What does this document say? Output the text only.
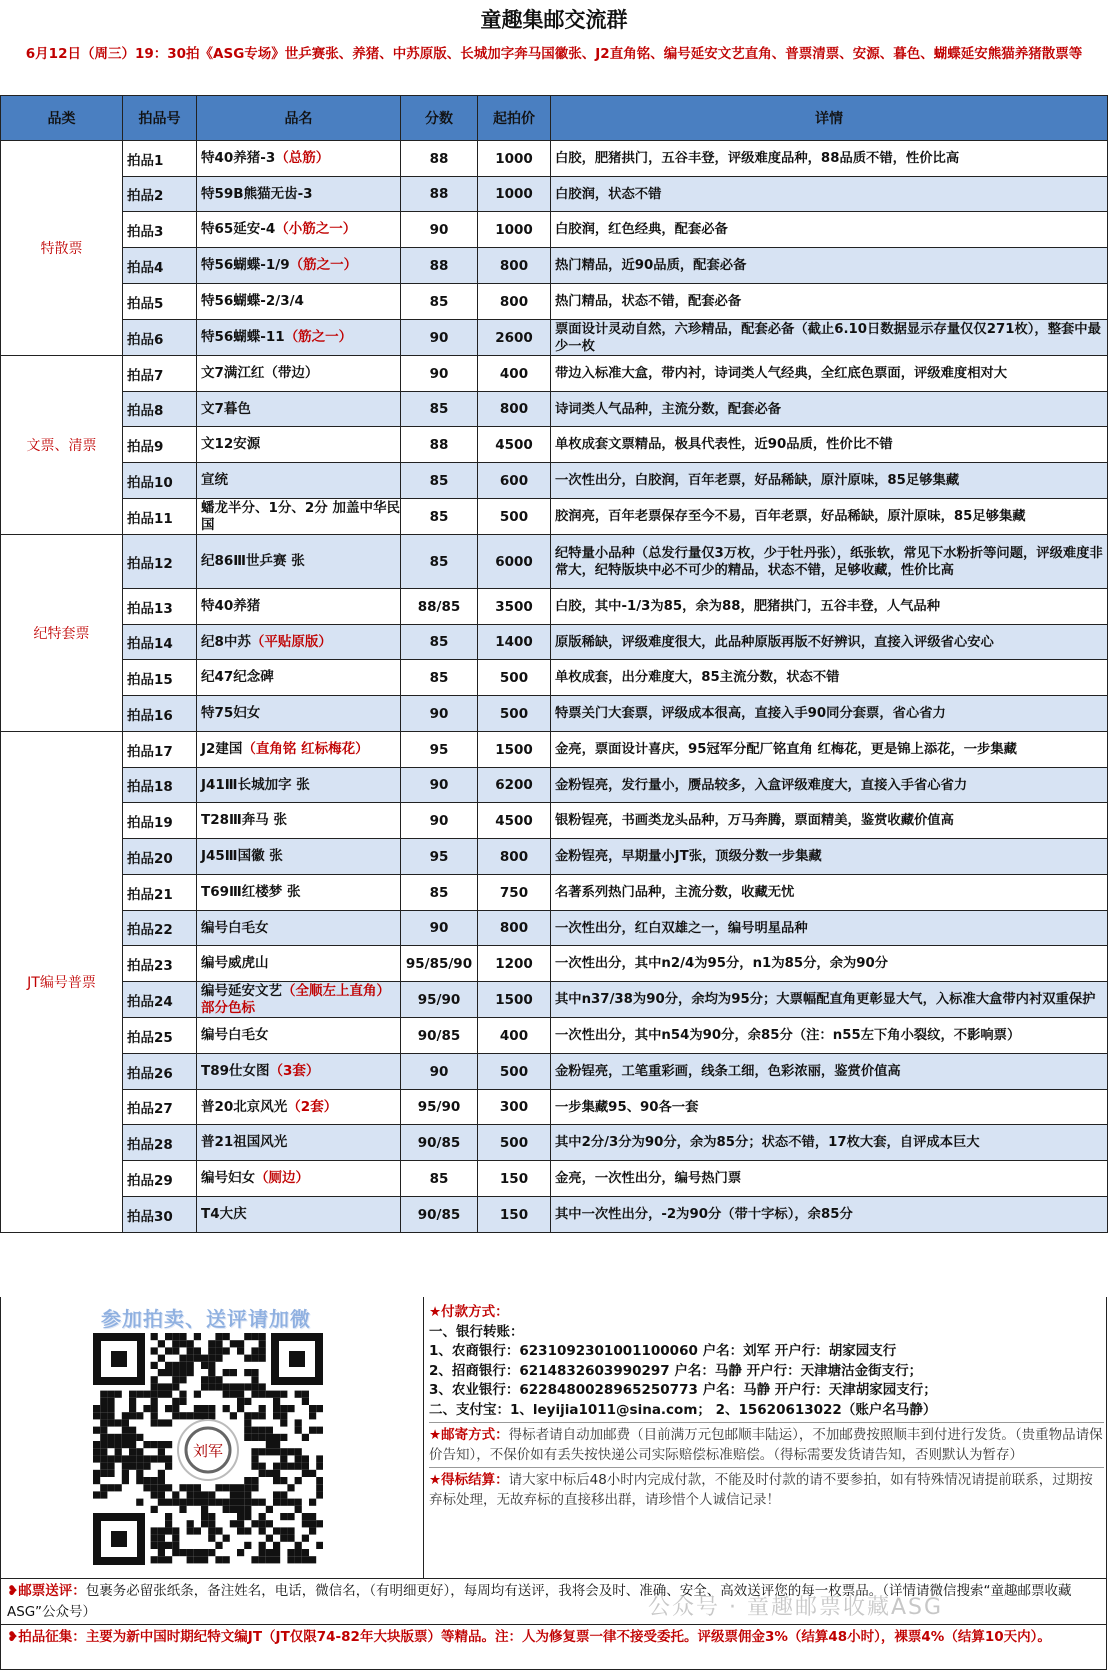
童趣集邮交流群
6月12日（周三）19：30拍《ASG专场》世乒赛张、养猪、中苏原版、长城加字奔马国徽张、J2直角铭、编号延安文艺直角、普票清票、安源、暮色、蝴蝶延安熊猫养猪散票等
品类	拍品号	品名	分数	起拍价	详情
特散票	拍品1	特40养猪-3（总筋）	88	1000	白胶，肥猪拱门，五谷丰登，评级难度品种，88品质不错，性价比高
	拍品2	特59B熊猫无齿-3	88	1000	白胶润，状态不错
	拍品3	特65延安-4（小筋之一）	90	1000	白胶润，红色经典，配套必备
	拍品4	特56蝴蝶-1/9（筋之一）	88	800	热门精品，近90品质，配套必备
	拍品5	特56蝴蝶-2/3/4	85	800	热门精品，状态不错，配套必备
	拍品6	特56蝴蝶-11（筋之一）	90	2600	票面设计灵动自然，六珍精品，配套必备（截止6.10日数据显示存量仅仅271枚），整套中最少一枚
文票、清票	拍品7	文7满江红（带边）	90	400	带边入标准大盒，带内衬，诗词类人气经典，全红底色票面，评级难度相对大
	拍品8	文7暮色	85	800	诗词类人气品种，主流分数，配套必备
	拍品9	文12安源	88	4500	单枚成套文票精品，极具代表性，近90品质，性价比不错
	拍品10	宣统	85	600	一次性出分，白胶润，百年老票，好品稀缺，原汁原味，85足够集藏
	拍品11	蟠龙半分、1分、2分 加盖中华民国	85	500	胶润亮，百年老票保存至今不易，百年老票，好品稀缺，原汁原味，85足够集藏
纪特套票	拍品12	纪86Ⅲ世乒赛 张	85	6000	纪特量小品种（总发行量仅3万枚，少于牡丹张），纸张软，常见下水粉折等问题，评级难度非常大，纪特版块中必不可少的精品，状态不错，足够收藏，性价比高
	拍品13	特40养猪	88/85	3500	白胶，其中-1/3为85，余为88，肥猪拱门，五谷丰登，人气品种
	拍品14	纪8中苏（平贴原版）	85	1400	原版稀缺，评级难度很大，此品种原版再版不好辨识，直接入评级省心安心
	拍品15	纪47纪念碑	85	500	单枚成套，出分难度大，85主流分数，状态不错
	拍品16	特75妇女	90	500	特票关门大套票，评级成本很高，直接入手90同分套票，省心省力
JT编号普票	拍品17	J2建国（直角铭 红标梅花）	95	1500	金亮，票面设计喜庆，95冠军分配厂铭直角 红梅花，更是锦上添花，一步集藏
	拍品18	J41Ⅲ长城加字 张	90	6200	金粉锃亮，发行量小，赝品较多，入盒评级难度大，直接入手省心省力
	拍品19	T28Ⅲ奔马 张	90	4500	银粉锃亮，书画类龙头品种，万马奔腾，票面精美，鉴赏收藏价值高
	拍品20	J45Ⅲ国徽 张	95	800	金粉锃亮，早期量小JT张，顶级分数一步集藏
	拍品21	T69Ⅲ红楼梦 张	85	750	名著系列热门品种，主流分数，收藏无忧
	拍品22	编号白毛女	90	800	一次性出分，红白双雄之一，编号明星品种
	拍品23	编号威虎山	95/85/90	1200	一次性出分，其中n2/4为95分，n1为85分，余为90分
	拍品24	编号延安文艺（全顺左上直角）部分色标	95/90	1500	其中n37/38为90分，余均为95分；大票幅配直角更彰显大气，入标准大盒带内衬双重保护
	拍品25	编号白毛女	90/85	400	一次性出分，其中n54为90分，余85分（注：n55左下角小裂纹，不影响票）
	拍品26	T89仕女图（3套）	90	500	金粉锃亮，工笔重彩画，线条工细，色彩浓丽，鉴赏价值高
	拍品27	普20北京风光（2套）	95/90	300	一步集藏95、90各一套
	拍品28	普21祖国风光	90/85	500	其中2分/3分为90分，余为85分；状态不错，17枚大套，自评成本巨大
	拍品29	编号妇女（厕边）	85	150	金亮，一次性出分，编号热门票
	拍品30	T4大庆	90/85	150	其中一次性出分，-2为90分（带十字标），余85分
参加拍卖、送评请加微
刘军
★付款方式：
一、银行转账：
1、农商银行：6231092301001100060 户名：刘军 开户行：胡家园支行
2、招商银行：6214832603990297 户名：马静 开户行：天津塘沽金街支行；
3、农业银行：6228480028965250773 户名：马静 开户行：天津胡家园支行；
二、支付宝：1、leyijia1011@sina.com； 2、15620613022（账户名马静）
★邮寄方式：得标者请自动加邮费（目前满万元包邮顺丰陆运），不加邮费按照顺丰到付进行发货。（贵重物品请保价告知），不保价如有丢失按快递公司实际赔偿标准赔偿。（得标需要发货请告知，否则默认为暂存）
★得标结算：请大家中标后48小时内完成付款，不能及时付款的请不要参拍，如有特殊情况请提前联系，过期按弃标处理，无故弃标的直接移出群，请珍惜个人诚信记录！
❥邮票送评：包裹务必留张纸条，备注姓名，电话，微信名，（有明细更好），每周均有送评，我将会及时、准确、安全、高效送评您的每一枚票品。（详情请微信搜索“童趣邮票收藏ASG”公众号）
❥拍品征集：主要为新中国时期纪特文编JT（JT仅限74-82年大块版票）等精品。注：人为修复票一律不接受委托。评级票佣金3%（结算48小时），裸票4%（结算10天内）。
公众号 · 童趣邮票收藏ASG
